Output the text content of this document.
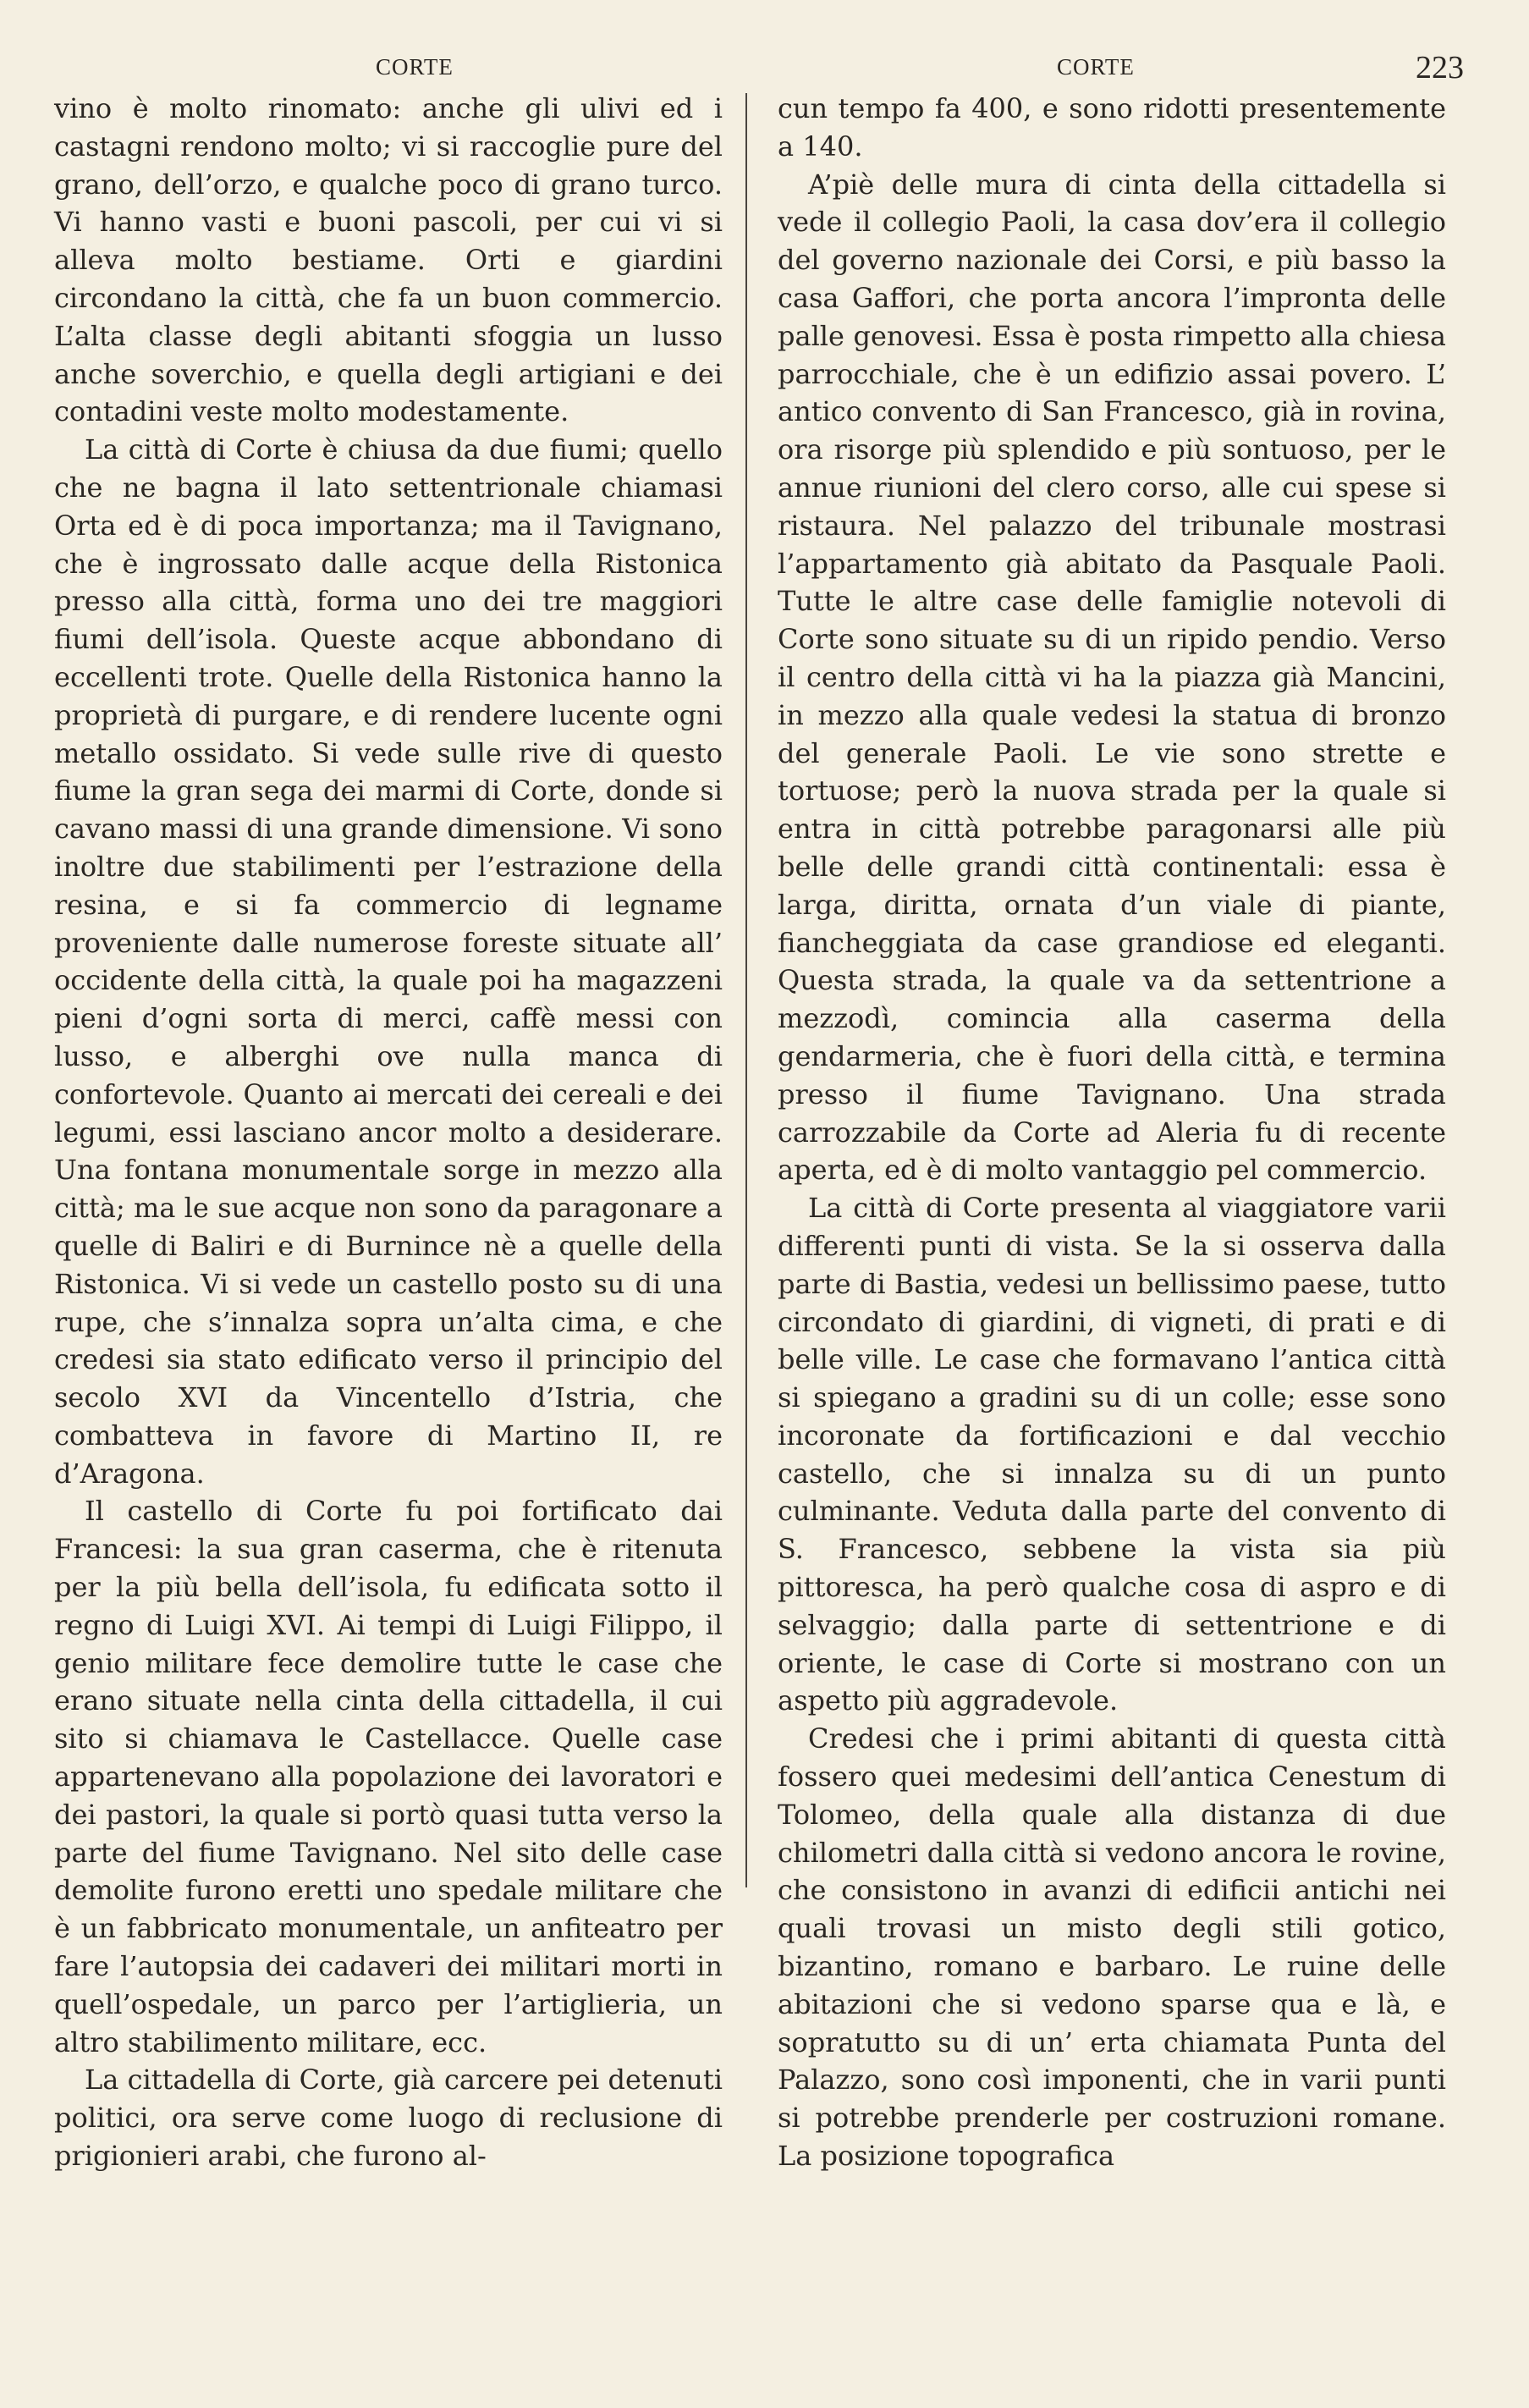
CORTE	CORTE	223

vino è molto rinomato: anche gli ulivi ed i castagni rendono molto; vi si raccoglie pure del grano, dell’orzo, e qualche poco di grano turco. Vi hanno vasti e buoni pascoli, per cui vi si alleva molto bestiame. Orti e giardini circondano la città, che fa un buon commercio. L’alta classe degli abitanti sfoggia un lusso anche soverchio, e quella degli artigiani e dei contadini veste molto modestamente.

La città di Corte è chiusa da due fiumi; quello che ne bagna il lato settentrionale chiamasi Orta ed è di poca importanza; ma il Tavignano, che è ingrossato dalle acque della Ristonica presso alla città, forma uno dei tre maggiori fiumi dell’isola. Queste acque abbondano di eccellenti trote. Quelle della Ristonica hanno la proprietà di purgare, e di rendere lucente ogni metallo ossidato. Si vede sulle rive di questo fiume la gran sega dei marmi di Corte, donde si cavano massi di una grande dimensione. Vi sono inoltre due stabilimenti per l’estrazione della resina, e si fa commercio di legname proveniente dalle numerose foreste situate all’ occidente della città, la quale poi ha magazzeni pieni d’ogni sorta di merci, caffè messi con lusso, e alberghi ove nulla manca di confortevole. Quanto ai mercati dei cereali e dei legumi, essi lasciano ancor molto a desiderare. Una fontana monumentale sorge in mezzo alla città; ma le sue acque non sono da paragonare a quelle di Baliri e di Burnince nè a quelle della Ristonica. Vi si vede un castello posto su di una rupe, che s’innalza sopra un’alta cima, e che credesi sia stato edificato verso il principio del secolo XVI da Vincentello d’Istria, che combatteva in favore di Martino II, re d’Aragona.

Il castello di Corte fu poi fortificato dai Francesi: la sua gran caserma, che è ritenuta per la più bella dell’isola, fu edificata sotto il regno di Luigi XVI. Ai tempi di Luigi Filippo, il genio militare fece demolire tutte le case che erano situate nella cinta della cittadella, il cui sito si chiamava le Castellacce. Quelle case appartenevano alla popolazione dei lavoratori e dei pastori, la quale si portò quasi tutta verso la parte del fiume Tavignano. Nel sito delle case demolite furono eretti uno spedale militare che è un fabbricato monumentale, un anfiteatro per fare l’autopsia dei cadaveri dei militari morti in quell’ospedale, un parco per l’artiglieria, un altro stabilimento militare, ecc.

La cittadella di Corte, già carcere pei detenuti politici, ora serve come luogo di reclusione di prigionieri arabi, che furono al-

cun tempo fa 400, e sono ridotti presentemente a 140.

A’piè delle mura di cinta della cittadella si vede il collegio Paoli, la casa dov’era il collegio del governo nazionale dei Corsi, e più basso la casa Gaffori, che porta ancora l’impronta delle palle genovesi. Essa è posta rimpetto alla chiesa parrocchiale, che è un edifizio assai povero. L’ antico convento di San Francesco, già in rovina, ora risorge più splendido e più sontuoso, per le annue riunioni del clero corso, alle cui spese si ristaura. Nel palazzo del tribunale mostrasi l’appartamento già abitato da Pasquale Paoli. Tutte le altre case delle famiglie notevoli di Corte sono situate su di un ripido pendio. Verso il centro della città vi ha la piazza già Mancini, in mezzo alla quale vedesi la statua di bronzo del generale Paoli. Le vie sono strette e tortuose; però la nuova strada per la quale si entra in città potrebbe paragonarsi alle più belle delle grandi città continentali: essa è larga, diritta, ornata d’un viale di piante, fiancheggiata da case grandiose ed eleganti. Questa strada, la quale va da settentrione a mezzodì, comincia alla caserma della gendarmeria, che è fuori della città, e termina presso il fiume Tavignano. Una strada carrozzabile da Corte ad Aleria fu di recente aperta, ed è di molto vantaggio pel commercio.

La città di Corte presenta al viaggiatore varii differenti punti di vista. Se la si osserva dalla parte di Bastia, vedesi un bellissimo paese, tutto circondato di giardini, di vigneti, di prati e di belle ville. Le case che formavano l’antica città si spiegano a gradini su di un colle; esse sono incoronate da fortificazioni e dal vecchio castello, che si innalza su di un punto culminante. Veduta dalla parte del convento di S. Francesco, sebbene la vista sia più pittoresca, ha però qualche cosa di aspro e di selvaggio; dalla parte di settentrione e di oriente, le case di Corte si mostrano con un aspetto più aggradevole.

Credesi che i primi abitanti di questa città fossero quei medesimi dell’antica Cenestum di Tolomeo, della quale alla distanza di due chilometri dalla città si vedono ancora le rovine, che consistono in avanzi di edificii antichi nei quali trovasi un misto degli stili gotico, bizantino, romano e barbaro. Le ruine delle abitazioni che si vedono sparse qua e là, e sopratutto su di un’ erta chiamata Punta del Palazzo, sono così imponenti, che in varii punti si potrebbe prenderle per costruzioni romane. La posizione topografica
